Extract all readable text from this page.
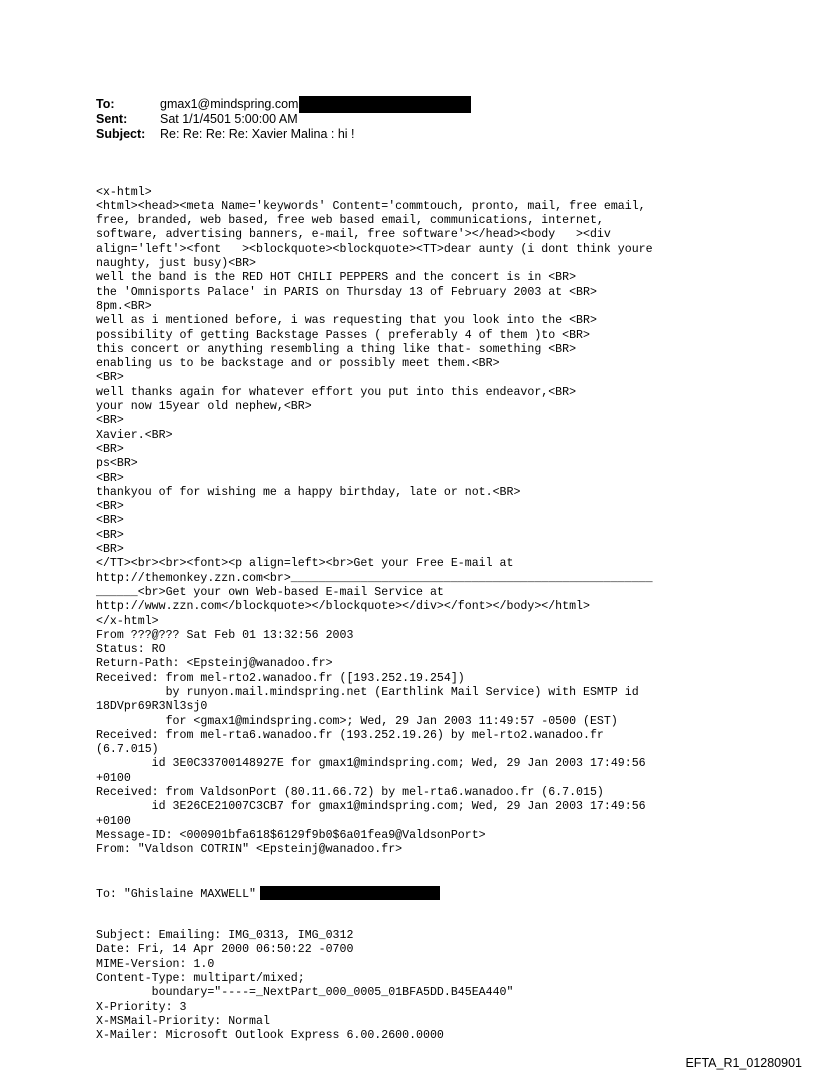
To:	gmax1@mindspring.com
Sent:	Sat 1/1/4501 5:00:00 AM
Subject:	Re: Re: Re: Re: Xavier Malina : hi !

<x-html>
<html><head><meta Name='keywords' Content='commtouch, pronto, mail, free email,
free, branded, web based, free web based email, communications, internet,
software, advertising banners, e-mail, free software'></head><body   ><div
align='left'><font   ><blockquote><blockquote><TT>dear aunty (i dont think youre
naughty, just busy)<BR>
well the band is the RED HOT CHILI PEPPERS and the concert is in <BR>
the 'Omnisports Palace' in PARIS on Thursday 13 of February 2003 at <BR>
8pm.<BR>
well as i mentioned before, i was requesting that you look into the <BR>
possibility of getting Backstage Passes ( preferably 4 of them )to <BR>
this concert or anything resembling a thing like that- something <BR>
enabling us to be backstage and or possibly meet them.<BR>
<BR>
well thanks again for whatever effort you put into this endeavor,<BR>
your now 15year old nephew,<BR>
<BR>
Xavier.<BR>
<BR>
ps<BR>
<BR>
thankyou of for wishing me a happy birthday, late or not.<BR>
<BR>
<BR>
<BR>
<BR>
</TT><br><br><font><p align=left><br>Get your Free E-mail at
http://themonkey.zzn.com<br>____________________________________________________
______<br>Get your own Web-based E-mail Service at
http://www.zzn.com</blockquote></blockquote></div></font></body></html>
</x-html>
From ???@??? Sat Feb 01 13:32:56 2003
Status: RO
Return-Path: <Epsteinj@wanadoo.fr>
Received: from mel-rto2.wanadoo.fr ([193.252.19.254])
by runyon.mail.mindspring.net (Earthlink Mail Service) with ESMTP id
18DVpr69R3Nl3sj0
for <gmax1@mindspring.com>; Wed, 29 Jan 2003 11:49:57 -0500 (EST)
Received: from mel-rta6.wanadoo.fr (193.252.19.26) by mel-rto2.wanadoo.fr
(6.7.015)
id 3E0C33700148927E for gmax1@mindspring.com; Wed, 29 Jan 2003 17:49:56
+0100
Received: from ValdsonPort (80.11.66.72) by mel-rta6.wanadoo.fr (6.7.015)
id 3E26CE21007C3CB7 for gmax1@mindspring.com; Wed, 29 Jan 2003 17:49:56
+0100
Message-ID: <000901bfa618$6129f9b0$6a01fea9@ValdsonPort>
From: "Valdson COTRIN" <Epsteinj@wanadoo.fr>

To: "Ghislaine MAXWELL"

Subject: Emailing: IMG_0313, IMG_0312
Date: Fri, 14 Apr 2000 06:50:22 -0700
MIME-Version: 1.0
Content-Type: multipart/mixed;
boundary="----=_NextPart_000_0005_01BFA5DD.B45EA440"
X-Priority: 3
X-MSMail-Priority: Normal
X-Mailer: Microsoft Outlook Express 6.00.2600.0000

EFTA_R1_01280901
